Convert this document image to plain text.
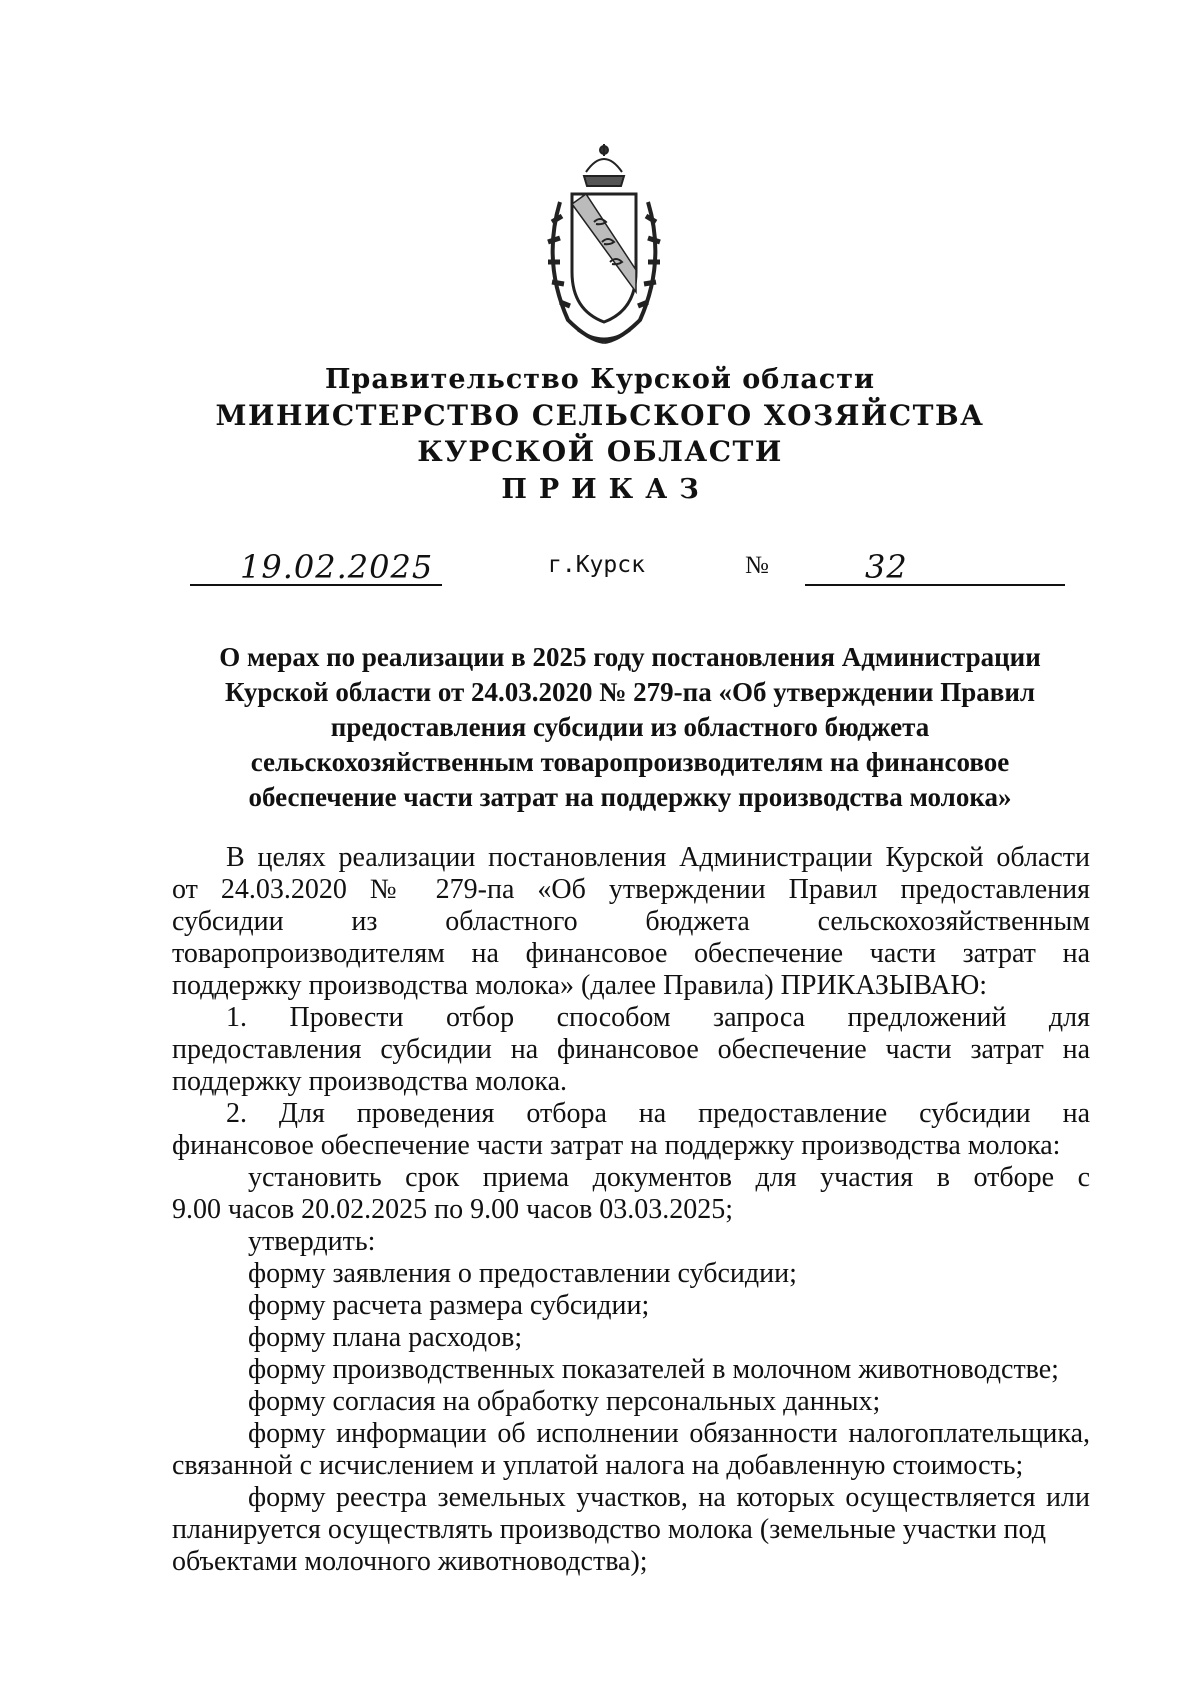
Правительство Курской области
МИНИСТЕРСТВО СЕЛЬСКОГО ХОЗЯЙСТВА
КУРСКОЙ ОБЛАСТИ
ПРИКАЗ
19.02.2025	г.Курск	№	32
О мерах по реализации в 2025 году постановления Администрации
Курской области от 24.03.2020 № 279-па «Об утверждении Правил
предоставления субсидии из областного бюджета
сельскохозяйственным товаропроизводителям на финансовое
обеспечение части затрат на поддержку производства молока»

В целях реализации постановления Администрации Курской области

от 24.03.2020 № 279-па «Об утверждении Правил предоставления

субсидии из областного бюджета сельскохозяйственным

товаропроизводителям на финансовое обеспечение части затрат на

поддержку производства молока» (далее Правила) ПРИКАЗЫВАЮ:

1. Провести отбор способом запроса предложений для

предоставления субсидии на финансовое обеспечение части затрат на

поддержку производства молока.

2. Для проведения отбора на предоставление субсидии на

финансовое обеспечение части затрат на поддержку производства молока:

установить срок приема документов для участия в отборе с

9.00 часов 20.02.2025 по 9.00 часов 03.03.2025;

утвердить:

форму заявления о предоставлении субсидии;

форму расчета размера субсидии;

форму плана расходов;

форму производственных показателей в молочном животноводстве;

форму согласия на обработку персональных данных;

форму информации об исполнении обязанности налогоплательщика,

связанной с исчислением и уплатой налога на добавленную стоимость;

форму реестра земельных участков, на которых осуществляется или

планируется осуществлять производство молока (земельные участки под

объектами молочного животноводства);
